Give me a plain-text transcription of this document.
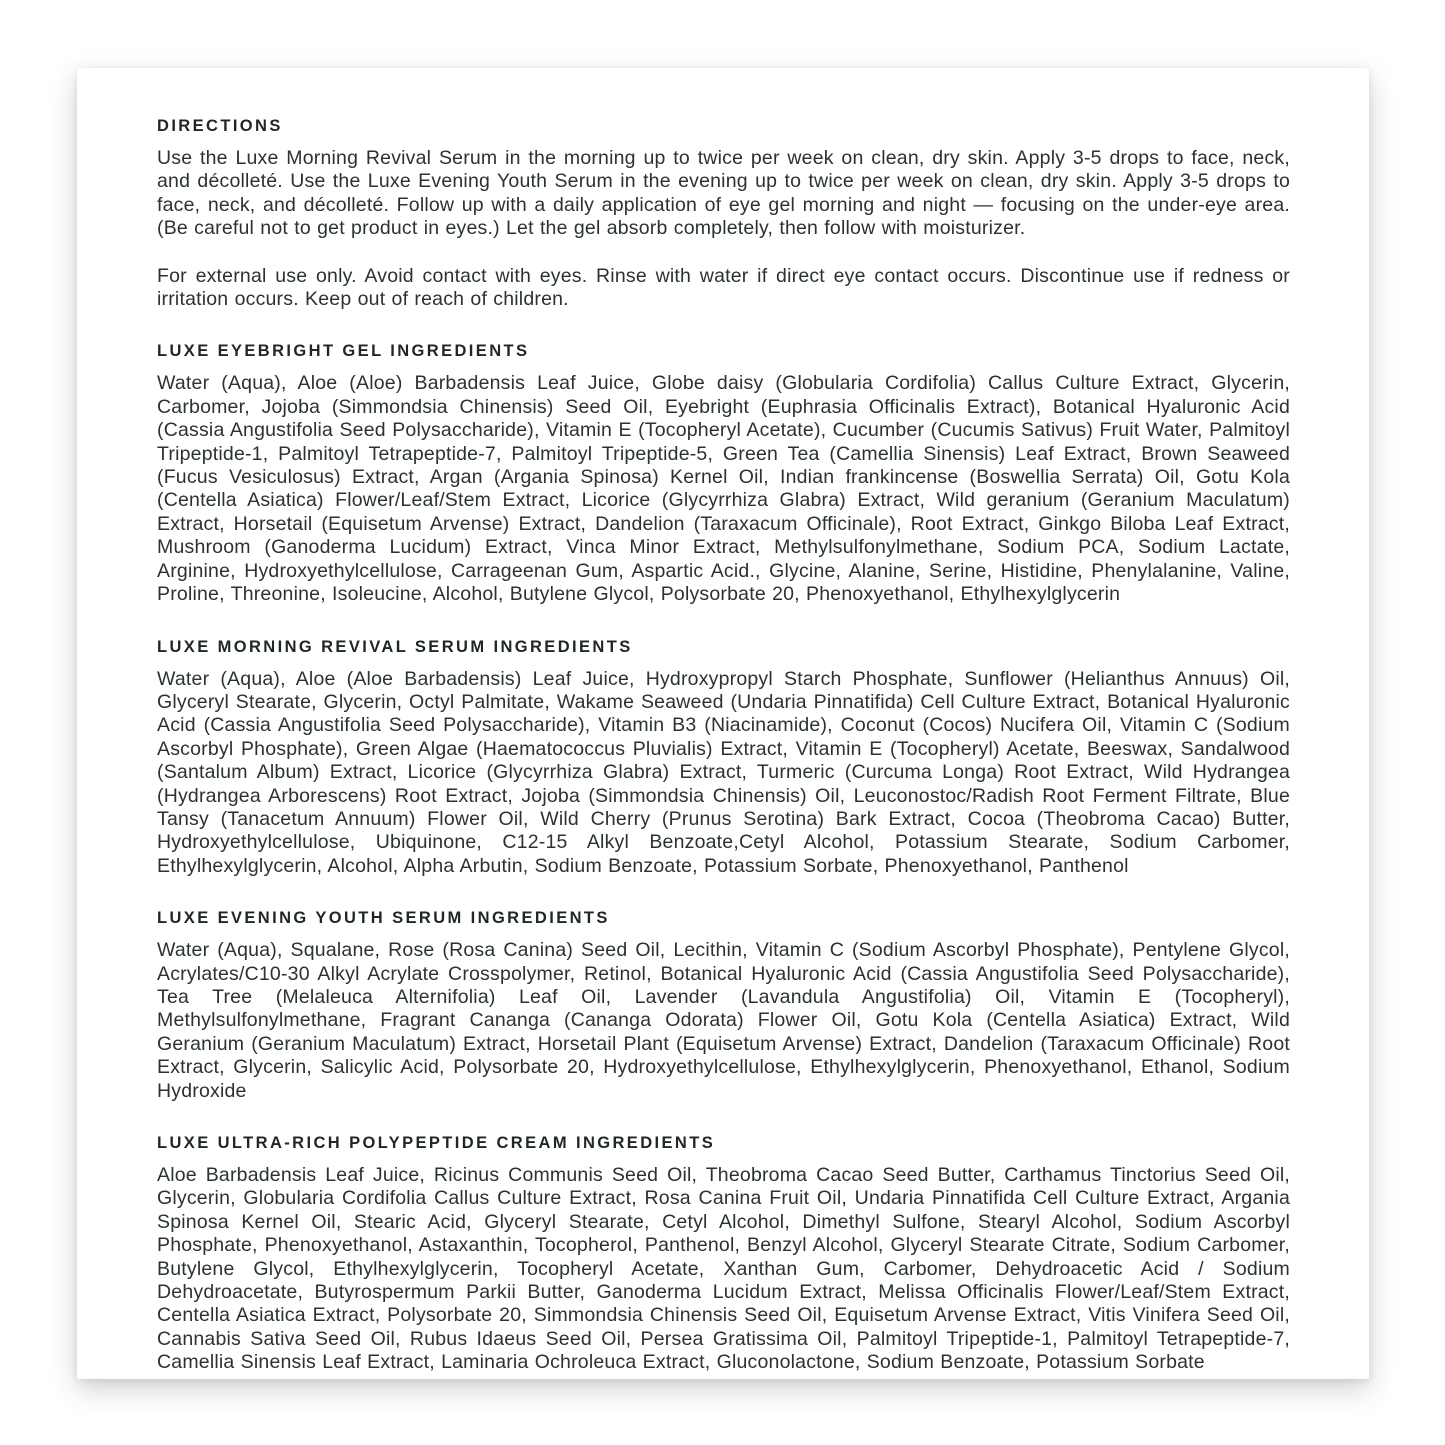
DIRECTIONS

Use the Luxe Morning Revival Serum in the morning up to twice per week on clean, dry skin. Apply 3-5 drops to face, neck, and décolleté. Use the Luxe Evening Youth Serum in the evening up to twice per week on clean, dry skin. Apply 3-5 drops to face, neck, and décolleté. Follow up with a daily application of eye gel morning and night — focusing on the under-eye area. (Be careful not to get product in eyes.) Let the gel absorb completely, then follow with moisturizer.

For external use only. Avoid contact with eyes. Rinse with water if direct eye contact occurs. Discontinue use if redness or irritation occurs. Keep out of reach of children.

LUXE EYEBRIGHT GEL INGREDIENTS

Water (Aqua), Aloe (Aloe) Barbadensis Leaf Juice, Globe daisy (Globularia Cordifolia) Callus Culture Extract, Glycerin, Carbomer, Jojoba (Simmondsia Chinensis) Seed Oil, Eyebright (Euphrasia Officinalis Extract), Botanical Hyaluronic Acid (Cassia Angustifolia Seed Polysaccharide), Vitamin E (Tocopheryl Acetate), Cucumber (Cucumis Sativus) Fruit Water, Palmitoyl Tripeptide-1, Palmitoyl Tetrapeptide-7, Palmitoyl Tripeptide-5, Green Tea (Camellia Sinensis) Leaf Extract, Brown Seaweed (Fucus Vesiculosus) Extract, Argan (Argania Spinosa) Kernel Oil, Indian frankincense (Boswellia Serrata) Oil, Gotu Kola (Centella Asiatica) Flower/Leaf/Stem Extract, Licorice (Glycyrrhiza Glabra) Extract, Wild geranium (Geranium Maculatum) Extract, Horsetail (Equisetum Arvense) Extract, Dandelion (Taraxacum Officinale), Root Extract, Ginkgo Biloba Leaf Extract, Mushroom (Ganoderma Lucidum) Extract, Vinca Minor Extract, Methylsulfonylmethane, Sodium PCA, Sodium Lactate, Arginine, Hydroxyethylcellulose, Carrageenan Gum, Aspartic Acid., Glycine, Alanine, Serine, Histidine, Phenylalanine, Valine, Proline, Threonine, Isoleucine, Alcohol, Butylene Glycol, Polysorbate 20, Phenoxyethanol, Ethylhexylglycerin

LUXE MORNING REVIVAL SERUM INGREDIENTS

Water (Aqua), Aloe (Aloe Barbadensis) Leaf Juice, Hydroxypropyl Starch Phosphate, Sunflower (Helianthus Annuus) Oil, Glyceryl Stearate, Glycerin, Octyl Palmitate, Wakame Seaweed (Undaria Pinnatifida) Cell Culture Extract, Botanical Hyaluronic Acid (Cassia Angustifolia Seed Polysaccharide), Vitamin B3 (Niacinamide), Coconut (Cocos) Nucifera Oil, Vitamin C (Sodium Ascorbyl Phosphate), Green Algae (Haematococcus Pluvialis) Extract, Vitamin E (Tocopheryl) Acetate, Beeswax, Sandalwood (Santalum Album) Extract, Licorice (Glycyrrhiza Glabra) Extract, Turmeric (Curcuma Longa) Root Extract, Wild Hydrangea (Hydrangea Arborescens) Root Extract, Jojoba (Simmondsia Chinensis) Oil, Leuconostoc/Radish Root Ferment Filtrate, Blue Tansy (Tanacetum Annuum) Flower Oil, Wild Cherry (Prunus Serotina) Bark Extract, Cocoa (Theobroma Cacao) Butter, Hydroxyethylcellulose, Ubiquinone, C12-15 Alkyl Benzoate,Cetyl Alcohol, Potassium Stearate, Sodium Carbomer, Ethylhexylglycerin, Alcohol, Alpha Arbutin, Sodium Benzoate, Potassium Sorbate, Phenoxyethanol, Panthenol

LUXE EVENING YOUTH SERUM INGREDIENTS

Water (Aqua), Squalane, Rose (Rosa Canina) Seed Oil, Lecithin, Vitamin C (Sodium Ascorbyl Phosphate), Pentylene Glycol, Acrylates/C10-30 Alkyl Acrylate Crosspolymer, Retinol, Botanical Hyaluronic Acid (Cassia Angustifolia Seed Polysaccharide), Tea Tree (Melaleuca Alternifolia) Leaf Oil, Lavender (Lavandula Angustifolia) Oil, Vitamin E (Tocopheryl), Methylsulfonylmethane, Fragrant Cananga (Cananga Odorata) Flower Oil, Gotu Kola (Centella Asiatica) Extract, Wild Geranium (Geranium Maculatum) Extract, Horsetail Plant (Equisetum Arvense) Extract, Dandelion (Taraxacum Officinale) Root Extract, Glycerin, Salicylic Acid, Polysorbate 20, Hydroxyethylcellulose, Ethylhexylglycerin, Phenoxyethanol, Ethanol, Sodium Hydroxide

LUXE ULTRA-RICH POLYPEPTIDE CREAM INGREDIENTS

Aloe Barbadensis Leaf Juice, Ricinus Communis Seed Oil, Theobroma Cacao Seed Butter, Carthamus Tinctorius Seed Oil, Glycerin, Globularia Cordifolia Callus Culture Extract, Rosa Canina Fruit Oil, Undaria Pinnatifida Cell Culture Extract, Argania Spinosa Kernel Oil, Stearic Acid, Glyceryl Stearate, Cetyl Alcohol, Dimethyl Sulfone, Stearyl Alcohol, Sodium Ascorbyl Phosphate, Phenoxyethanol, Astaxanthin, Tocopherol, Panthenol, Benzyl Alcohol, Glyceryl Stearate Citrate, Sodium Carbomer, Butylene Glycol, Ethylhexylglycerin, Tocopheryl Acetate, Xanthan Gum, Carbomer, Dehydroacetic Acid / Sodium Dehydroacetate, Butyrospermum Parkii Butter, Ganoderma Lucidum Extract, Melissa Officinalis Flower/Leaf/Stem Extract, Centella Asiatica Extract, Polysorbate 20, Simmondsia Chinensis Seed Oil, Equisetum Arvense Extract, Vitis Vinifera Seed Oil, Cannabis Sativa Seed Oil, Rubus Idaeus Seed Oil, Persea Gratissima Oil, Palmitoyl Tripeptide-1, Palmitoyl Tetrapeptide-7, Camellia Sinensis Leaf Extract, Laminaria Ochroleuca Extract, Gluconolactone, Sodium Benzoate, Potassium Sorbate
